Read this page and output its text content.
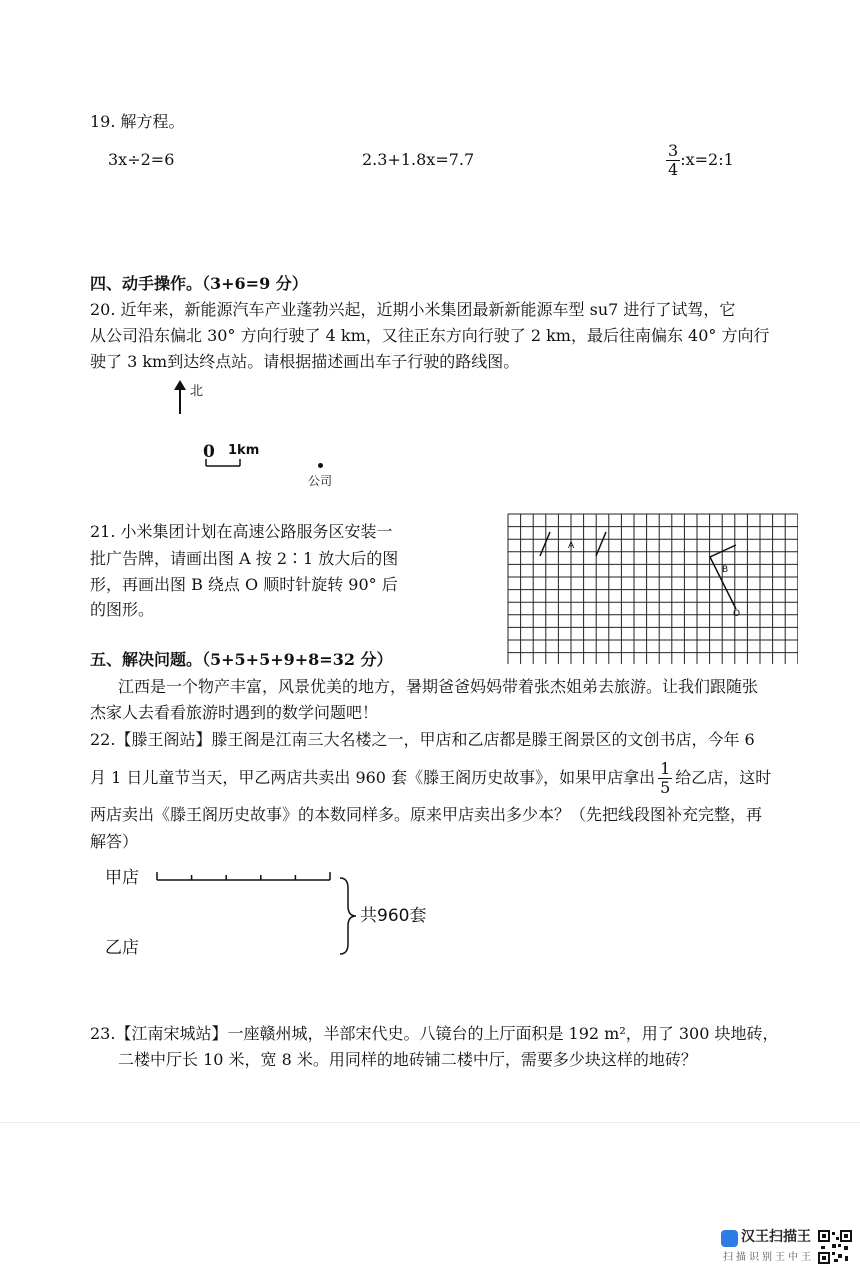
19. 解方程。
3x÷2=6	2.3+1.8x=7.7	$\frac{3}{4}$ :x=2:1
四、动手操作。（3+6=9 分）
20. 近年来，新能源汽车产业蓬勃兴起，近期小米集团最新新能源车型 su7 进行了试驾，它
从公司沿东偏北 30° 方向行驶了 4 km，又往正东方向行驶了 2 km，最后往南偏东 40° 方向行
驶了 3 km到达终点站。请根据描述画出车子行驶的路线图。
北
0 1km
公司
21. 小米集团计划在高速公路服务区安装一
批广告牌，请画出图 A 按 2∶1 放大后的图
形，再画出图 B 绕点 O 顺时针旋转 90° 后
的图形。
A
B
O
五、解决问题。（5+5+5+9+8=32 分）
江西是一个物产丰富，风景优美的地方，暑期爸爸妈妈带着张杰姐弟去旅游。让我们跟随张
杰家人去看看旅游时遇到的数学问题吧！
22.【滕王阁站】滕王阁是江南三大名楼之一，甲店和乙店都是滕王阁景区的文创书店，今年 6
月 1 日儿童节当天，甲乙两店共卖出 960 套《滕王阁历史故事》，如果甲店拿出 $\frac{1}{5}$ 给乙店，这时
两店卖出《滕王阁历史故事》的本数同样多。原来甲店卖出多少本？（先把线段图补充完整，再
解答）
甲店
乙店
共960套
23.【江南宋城站】一座赣州城，半部宋代史。八镜台的上厅面积是 192 m²，用了 300 块地砖，
二楼中厅长 10 米，宽 8 米。用同样的地砖铺二楼中厅，需要多少块这样的地砖？
汉王扫描王
扫描识别王中王
